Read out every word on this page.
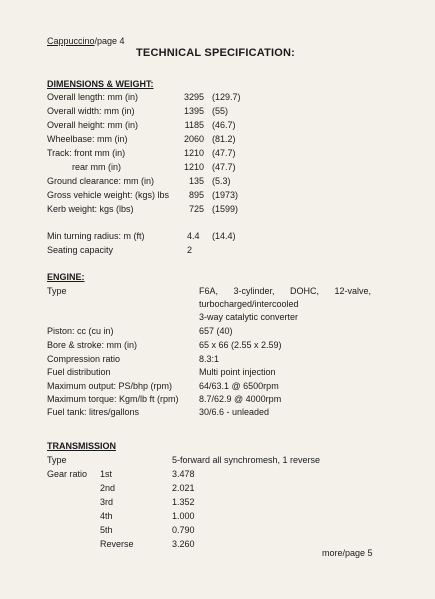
Cappuccino/page 4
TECHNICAL SPECIFICATION:
DIMENSIONS & WEIGHT:
Overall length: mm (in)	3295 (129.7)
Overall width: mm (in)	1395 (55)
Overall height: mm (in)	1185 (46.7)
Wheelbase: mm (in)	2060 (81.2)
Track: front mm (in)	1210 (47.7)
rear mm (in)	1210 (47.7)
Ground clearance: mm (in)	135 (5.3)
Gross vehicle weight: (kgs) lbs	895 (1973)
Kerb weight: kgs (lbs)	725 (1599)
Min turning radius: m (ft)	4.4 (14.4)
Seating capacity	2
ENGINE:
Type	F6A, 3-cylinder, DOHC, 12-valve,
turbocharged/intercooled
3-way catalytic converter
Piston: cc (cu in)	657 (40)
Bore & stroke: mm (in)	65 x 66 (2.55 x 2.59)
Compression ratio	8.3:1
Fuel distribution	Multi point injection
Maximum output: PS/bhp (rpm)	64/63.1 @ 6500rpm
Maximum torque: Kgm/lb ft (rpm) 8.7/62.9 @ 4000rpm
Fuel tank: litres/gallons	30/6.6 - unleaded
TRANSMISSION
Type	5-forward all synchromesh, 1 reverse
Gear ratio 1st	3.478
2nd	2.021
3rd	1.352
4th	1.000
5th	0.790
Reverse	3.260
more/page 5
